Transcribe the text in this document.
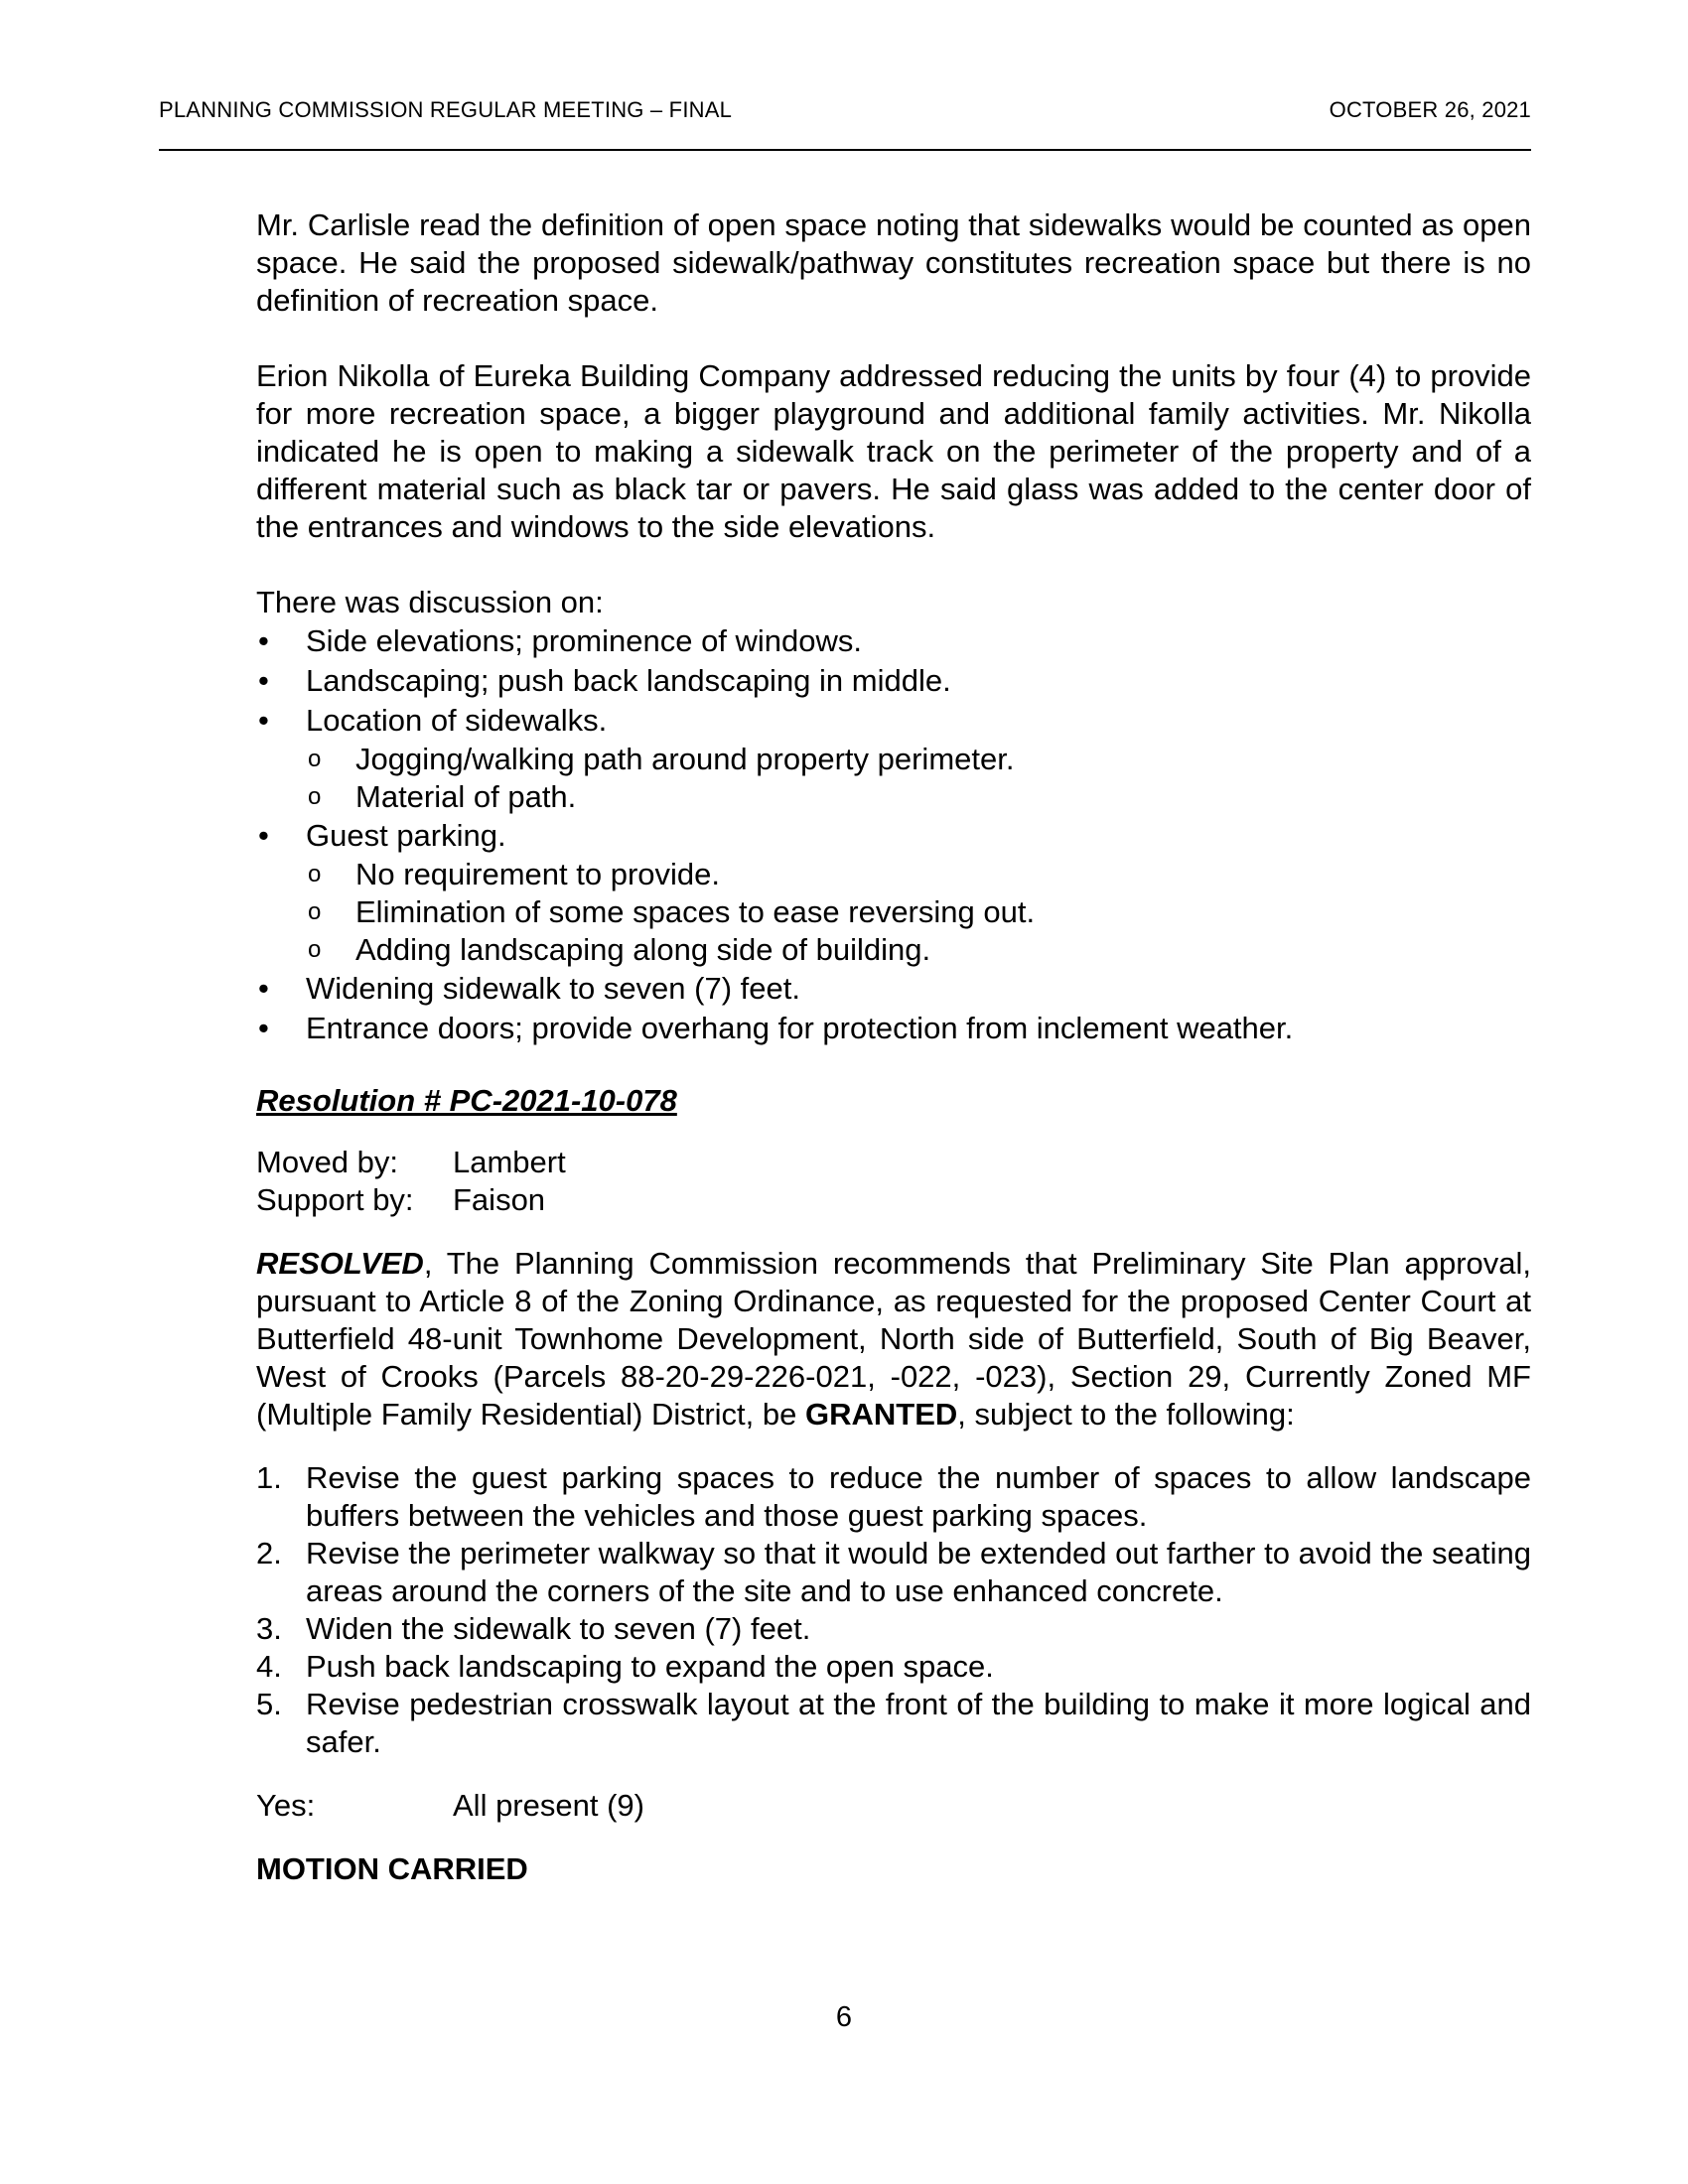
PLANNING COMMISSION REGULAR MEETING – FINAL	OCTOBER 26, 2021

Mr. Carlisle read the definition of open space noting that sidewalks would be counted as open space. He said the proposed sidewalk/pathway constitutes recreation space but there is no definition of recreation space.

Erion Nikolla of Eureka Building Company addressed reducing the units by four (4) to provide for more recreation space, a bigger playground and additional family activities. Mr. Nikolla indicated he is open to making a sidewalk track on the perimeter of the property and of a different material such as black tar or pavers. He said glass was added to the center door of the entrances and windows to the side elevations.

There was discussion on:

• Side elevations; prominence of windows.
• Landscaping; push back landscaping in middle.
• Location of sidewalks.
o Jogging/walking path around property perimeter.
o Material of path.
• Guest parking.
o No requirement to provide.
o Elimination of some spaces to ease reversing out.
o Adding landscaping along side of building.
• Widening sidewalk to seven (7) feet.
• Entrance doors; provide overhang for protection from inclement weather.

Resolution # PC-2021-10-078

Moved by:	Lambert
Support by:	Faison

RESOLVED, The Planning Commission recommends that Preliminary Site Plan approval, pursuant to Article 8 of the Zoning Ordinance, as requested for the proposed Center Court at Butterfield 48-unit Townhome Development, North side of Butterfield, South of Big Beaver, West of Crooks (Parcels 88-20-29-226-021, -022, -023), Section 29, Currently Zoned MF (Multiple Family Residential) District, be GRANTED, subject to the following:

1. Revise the guest parking spaces to reduce the number of spaces to allow landscape buffers between the vehicles and those guest parking spaces.
2. Revise the perimeter walkway so that it would be extended out farther to avoid the seating areas around the corners of the site and to use enhanced concrete.
3. Widen the sidewalk to seven (7) feet.
4. Push back landscaping to expand the open space.
5. Revise pedestrian crosswalk layout at the front of the building to make it more logical and safer.
Yes:	All present (9)

MOTION CARRIED

6
